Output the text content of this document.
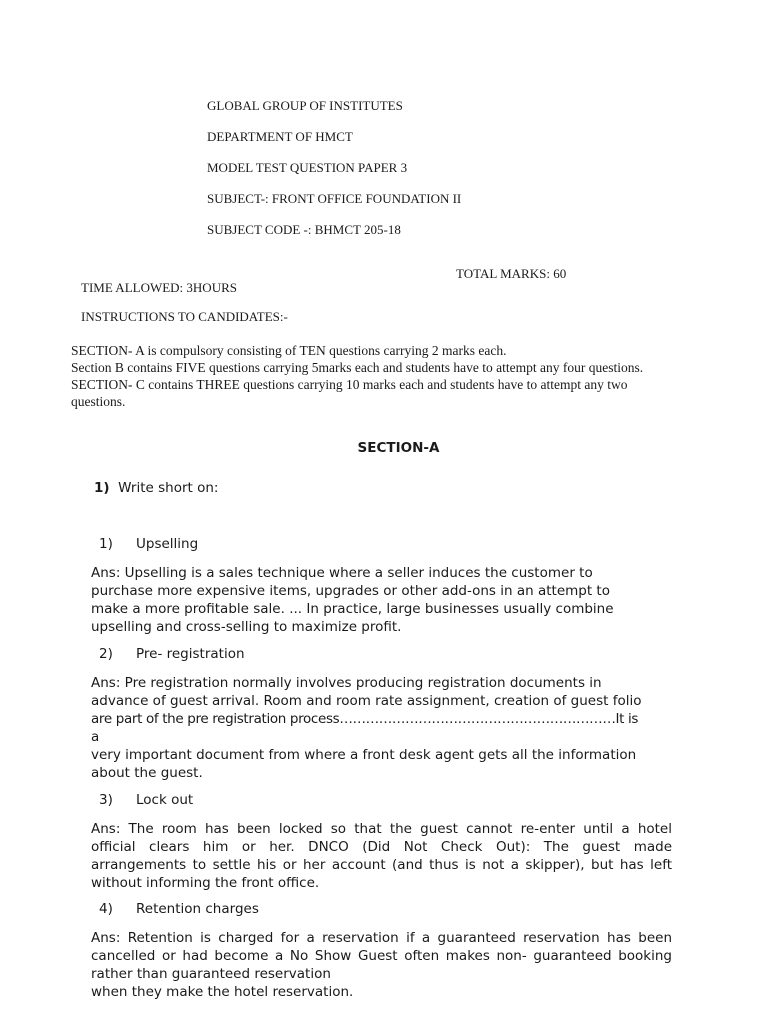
GLOBAL GROUP OF INSTITUTES
DEPARTMENT OF HMCT
MODEL TEST QUESTION PAPER 3
SUBJECT-: FRONT OFFICE FOUNDATION II
SUBJECT CODE -: BHMCT 205-18
TOTAL MARKS: 60
TIME ALLOWED: 3HOURS
INSTRUCTIONS TO CANDIDATES:-
SECTION- A is compulsory consisting of TEN questions carrying 2 marks each.
Section B contains FIVE questions carrying 5marks each and students have to attempt any four questions.
SECTION- C contains THREE questions carrying 10 marks each and students have to attempt any two
questions.
SECTION-A
1) Write short on:
1) Upselling
Ans: Upselling is a sales technique where a seller induces the customer to
purchase more expensive items, upgrades or other add-ons in an attempt to
make a more profitable sale. ... In practice, large businesses usually combine
upselling and cross-selling to maximize profit.
2) Pre- registration
Ans: Pre registration normally involves producing registration documents in
advance of guest arrival. Room and room rate assignment, creation of guest folio
are part of the pre registration process………………………………………………………It is
a
very important document from where a front desk agent gets all the information
about the guest.
3) Lock out
Ans: The room has been locked so that the guest cannot re-enter until a hotel
official clears him or her. DNCO (Did Not Check Out): The guest made
arrangements to settle his or her account (and thus is not a skipper), but has left
without informing the front office.
4) Retention charges
Ans: Retention is charged for a reservation if a guaranteed reservation has been
cancelled or had become a No Show Guest often makes non- guaranteed booking
rather than guaranteed reservation
when they make the hotel reservation.
